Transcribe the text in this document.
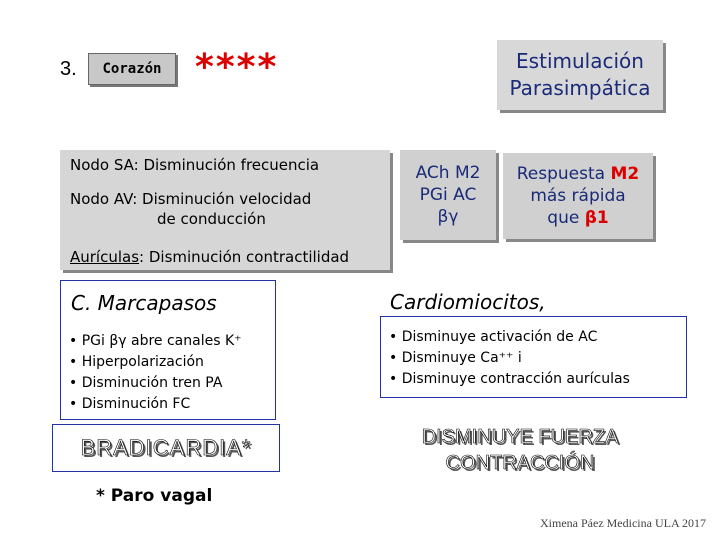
3.	Corazón ****	Estimulación
Parasimpática
Nodo SA: Disminución frecuencia
Nodo AV: Disminución velocidad
de conducción
Aurículas: Disminución contractilidad
ACh M2
PGi AC
βγ
Respuesta M2
más rápida
que β1
C. Marcapasos
• PGi βγ abre canales K⁺
• Hiperpolarización
• Disminución tren PA
• Disminución FC
Cardiomiocitos,
• Disminuye activación de AC
• Disminuye Ca⁺⁺ i
• Disminuye contracción aurículas
BRADICARDIA*	DISMINUYE FUERZA
CONTRACCIÓN
* Paro vagal
Ximena Páez Medicina ULA 2017
